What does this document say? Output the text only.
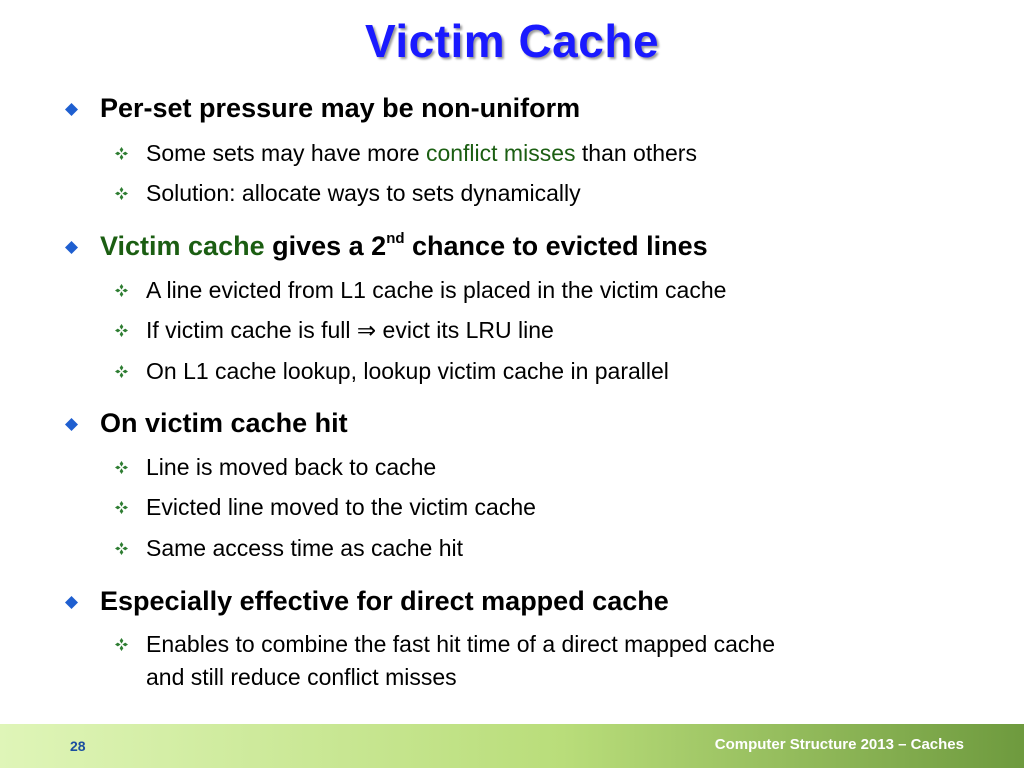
Victim Cache
Per-set pressure may be non-uniform
Some sets may have more conflict misses than others
Solution: allocate ways to sets dynamically
Victim cache gives a 2nd chance to evicted lines
A line evicted from L1 cache is placed in the victim cache
If victim cache is full ⇒ evict its LRU line
On L1 cache lookup, lookup victim cache in parallel
On victim cache hit
Line is moved back to cache
Evicted line moved to the victim cache
Same access time as cache hit
Especially effective for direct mapped cache
Enables to combine the fast hit time of a direct mapped cache
and still reduce conflict misses
28	Computer Structure 2013 – Caches
